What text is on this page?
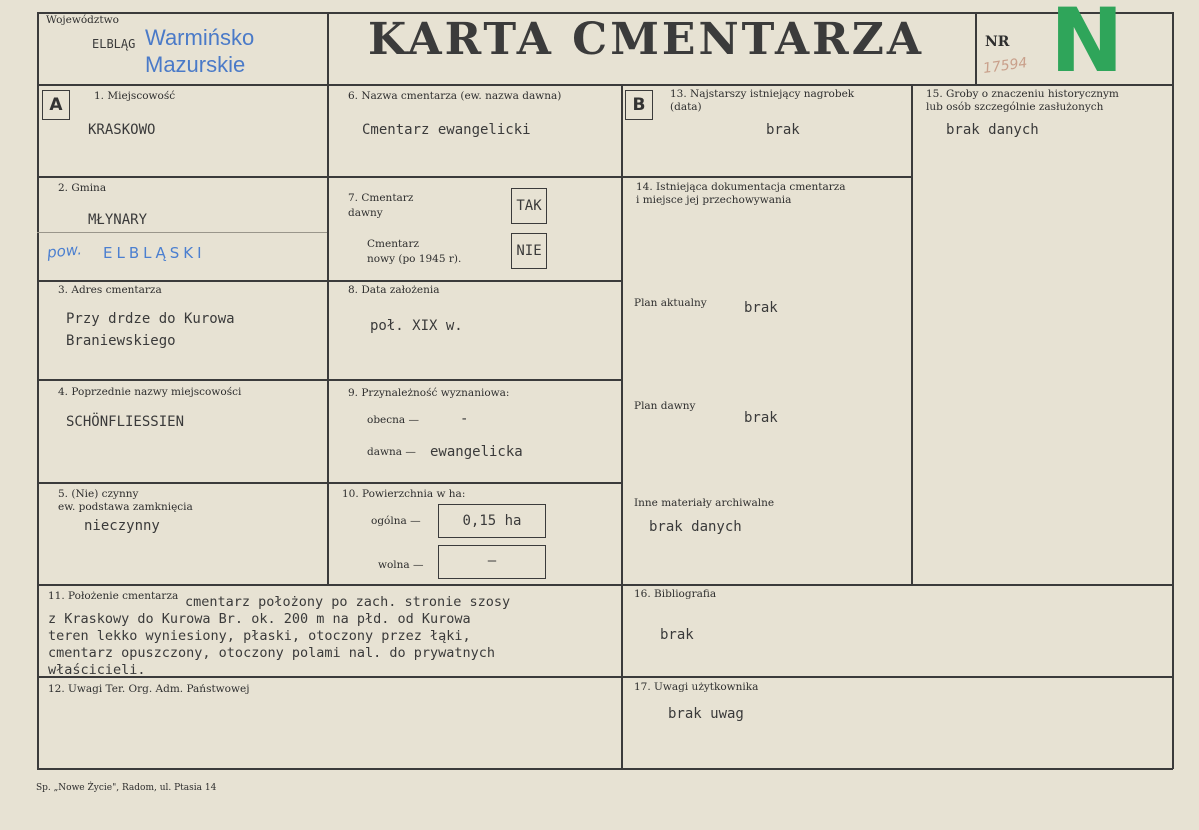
Województwo
ELBLĄG Warmińsko
Mazurskie	KARTA CMENTARZA	NR N
17594
A	1. Miejscowość
KRASKOWO
2. Gmina
MŁYNARY
pow. ELBLĄSKI
3. Adres cmentarza
Przy drdze do Kurowa
Braniewskiego
4. Poprzednie nazwy miejscowości
SCHÖNFLIESSIEN
5. (Nie) czynny
ew. podstawa zamknięcia
nieczynny
6. Nazwa cmentarza (ew. nazwa dawna)
Cmentarz ewangelicki
7. Cmentarz
dawny	TAK
Cmentarz
nowy (po 1945 r).	NIE
8. Data założenia
poł. XIX w.
9. Przynależność wyznaniowa:
obecna —	-
dawna — ewangelicka
10. Powierzchnia w ha:
ogólna —	0,15 ha
wolna —	—
B
13. Najstarszy istniejący nagrobek
(data)
brak
14. Istniejąca dokumentacja cmentarza
i miejsce jej przechowywania
Plan aktualny	brak
Plan dawny
brak
Inne materiały archiwalne
brak danych
15. Groby o znaczeniu historycznym
lub osób szczególnie zasłużonych
brak danych
11. Położenie cmentarza cmentarz położony po zach. stronie szosy
z Kraskowy do Kurowa Br. ok. 200 m na płd. od Kurowa
teren lekko wyniesiony, płaski, otoczony przez łąki,
cmentarz opuszczony, otoczony polami nal. do prywatnych
właścicieli.
12. Uwagi Ter. Org. Adm. Państwowej
16. Bibliografia
brak
17. Uwagi użytkownika
brak uwag
Sp. „Nowe Życie", Radom, ul. Ptasia 14
